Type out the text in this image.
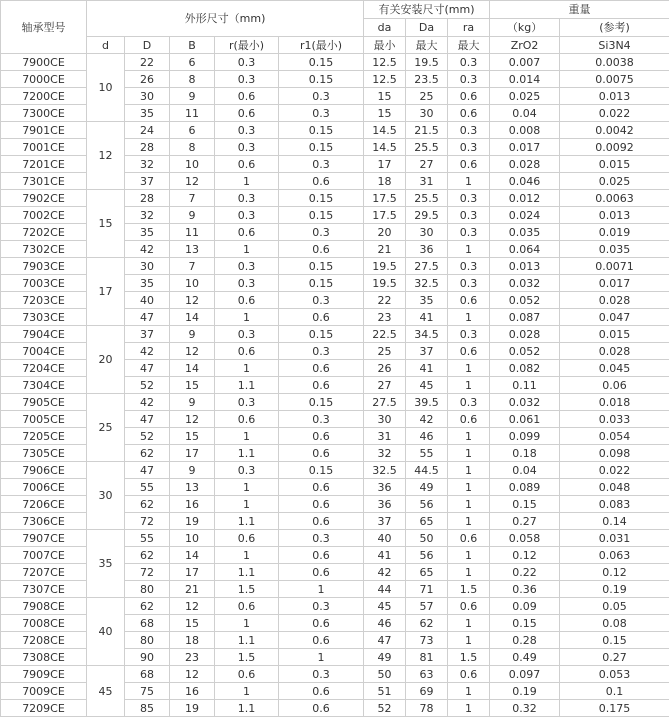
轴承型号	外形尺寸（mm)					有关安装尺寸(mm)			重量	
						da	Da	ra	（kg）	(参考)
	d	D	B	r(最小)	r1(最小)	最小	最大	最大	ZrO2	Si3N4
7900CE	10	22	6	0.3	0.15	12.5	19.5	0.3	0.007	0.0038
7000CE		26	8	0.3	0.15	12.5	23.5	0.3	0.014	0.0075
7200CE		30	9	0.6	0.3	15	25	0.6	0.025	0.013
7300CE		35	11	0.6	0.3	15	30	0.6	0.04	0.022
7901CE	12	24	6	0.3	0.15	14.5	21.5	0.3	0.008	0.0042
7001CE		28	8	0.3	0.15	14.5	25.5	0.3	0.017	0.0092
7201CE		32	10	0.6	0.3	17	27	0.6	0.028	0.015
7301CE		37	12	1	0.6	18	31	1	0.046	0.025
7902CE	15	28	7	0.3	0.15	17.5	25.5	0.3	0.012	0.0063
7002CE		32	9	0.3	0.15	17.5	29.5	0.3	0.024	0.013
7202CE		35	11	0.6	0.3	20	30	0.3	0.035	0.019
7302CE		42	13	1	0.6	21	36	1	0.064	0.035
7903CE	17	30	7	0.3	0.15	19.5	27.5	0.3	0.013	0.0071
7003CE		35	10	0.3	0.15	19.5	32.5	0.3	0.032	0.017
7203CE		40	12	0.6	0.3	22	35	0.6	0.052	0.028
7303CE		47	14	1	0.6	23	41	1	0.087	0.047
7904CE	20	37	9	0.3	0.15	22.5	34.5	0.3	0.028	0.015
7004CE		42	12	0.6	0.3	25	37	0.6	0.052	0.028
7204CE		47	14	1	0.6	26	41	1	0.082	0.045
7304CE		52	15	1.1	0.6	27	45	1	0.11	0.06
7905CE	25	42	9	0.3	0.15	27.5	39.5	0.3	0.032	0.018
7005CE		47	12	0.6	0.3	30	42	0.6	0.061	0.033
7205CE		52	15	1	0.6	31	46	1	0.099	0.054
7305CE		62	17	1.1	0.6	32	55	1	0.18	0.098
7906CE	30	47	9	0.3	0.15	32.5	44.5	1	0.04	0.022
7006CE		55	13	1	0.6	36	49	1	0.089	0.048
7206CE		62	16	1	0.6	36	56	1	0.15	0.083
7306CE		72	19	1.1	0.6	37	65	1	0.27	0.14
7907CE	35	55	10	0.6	0.3	40	50	0.6	0.058	0.031
7007CE		62	14	1	0.6	41	56	1	0.12	0.063
7207CE		72	17	1.1	0.6	42	65	1	0.22	0.12
7307CE		80	21	1.5	1	44	71	1.5	0.36	0.19
7908CE	40	62	12	0.6	0.3	45	57	0.6	0.09	0.05
7008CE		68	15	1	0.6	46	62	1	0.15	0.08
7208CE		80	18	1.1	0.6	47	73	1	0.28	0.15
7308CE		90	23	1.5	1	49	81	1.5	0.49	0.27
7909CE	45	68	12	0.6	0.3	50	63	0.6	0.097	0.053
7009CE		75	16	1	0.6	51	69	1	0.19	0.1
7209CE		85	19	1.1	0.6	52	78	1	0.32	0.175
